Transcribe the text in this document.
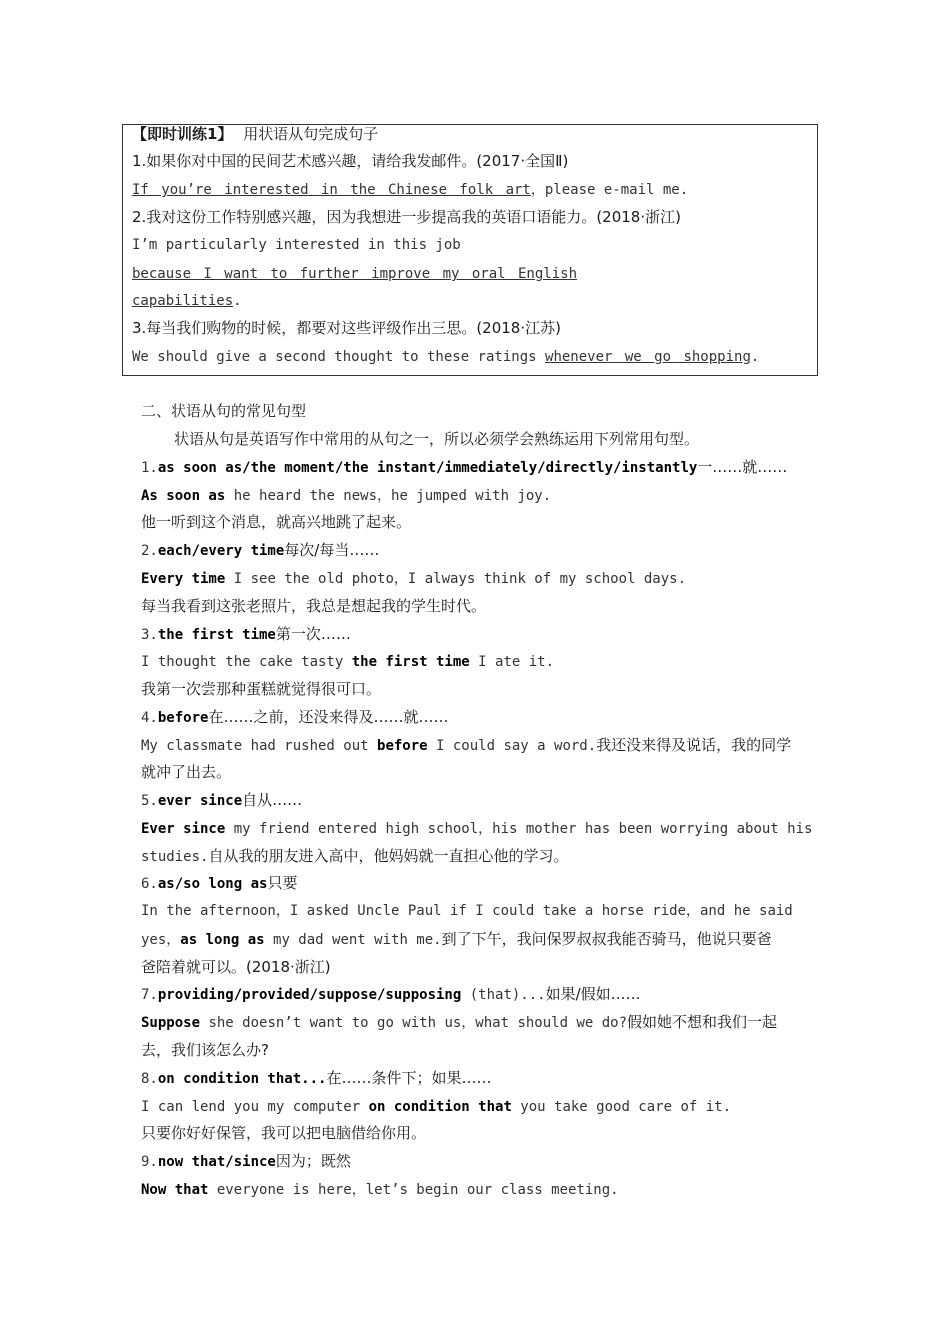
【即时训练1】 用状语从句完成句子
1.如果你对中国的民间艺术感兴趣，请给我发邮件。(2017·全国Ⅱ)
If you’re interested in the Chinese folk art，please e-mail me.
2.我对这份工作特别感兴趣，因为我想进一步提高我的英语口语能力。(2018·浙江)
I’m particularly interested in this job
because I want to further improve my oral English
capabilities.
3.每当我们购物的时候，都要对这些评级作出三思。(2018·江苏)
We should give a second thought to these ratings whenever we go shopping.
二、状语从句的常见句型
状语从句是英语写作中常用的从句之一，所以必须学会熟练运用下列常用句型。
1.as soon as/the moment/the instant/immediately/directly/instantly一……就……
As soon as he heard the news，he jumped with joy.
他一听到这个消息，就高兴地跳了起来。
2.each/every time每次/每当……
Every time I see the old photo，I always think of my school days.
每当我看到这张老照片，我总是想起我的学生时代。
3.the first time第一次……
I thought the cake tasty the first time I ate it.
我第一次尝那种蛋糕就觉得很可口。
4.before在……之前，还没来得及……就……
My classmate had rushed out before I could say a word.我还没来得及说话，我的同学
就冲了出去。
5.ever since自从……
Ever since my friend entered high school，his mother has been worrying about his
studies.自从我的朋友进入高中，他妈妈就一直担心他的学习。
6.as/so long as只要
In the afternoon，I asked Uncle Paul if I could take a horse ride，and he said
yes，as long as my dad went with me.到了下午，我问保罗叔叔我能否骑马，他说只要爸
爸陪着就可以。(2018·浙江)
7.providing/provided/suppose/supposing (that)...如果/假如……
Suppose she doesn’t want to go with us，what should we do?假如她不想和我们一起
去，我们该怎么办?
8.on condition that...在……条件下；如果……
I can lend you my computer on condition that you take good care of it.
只要你好好保管，我可以把电脑借给你用。
9.now that/since因为；既然
Now that everyone is here，let’s begin our class meeting.
